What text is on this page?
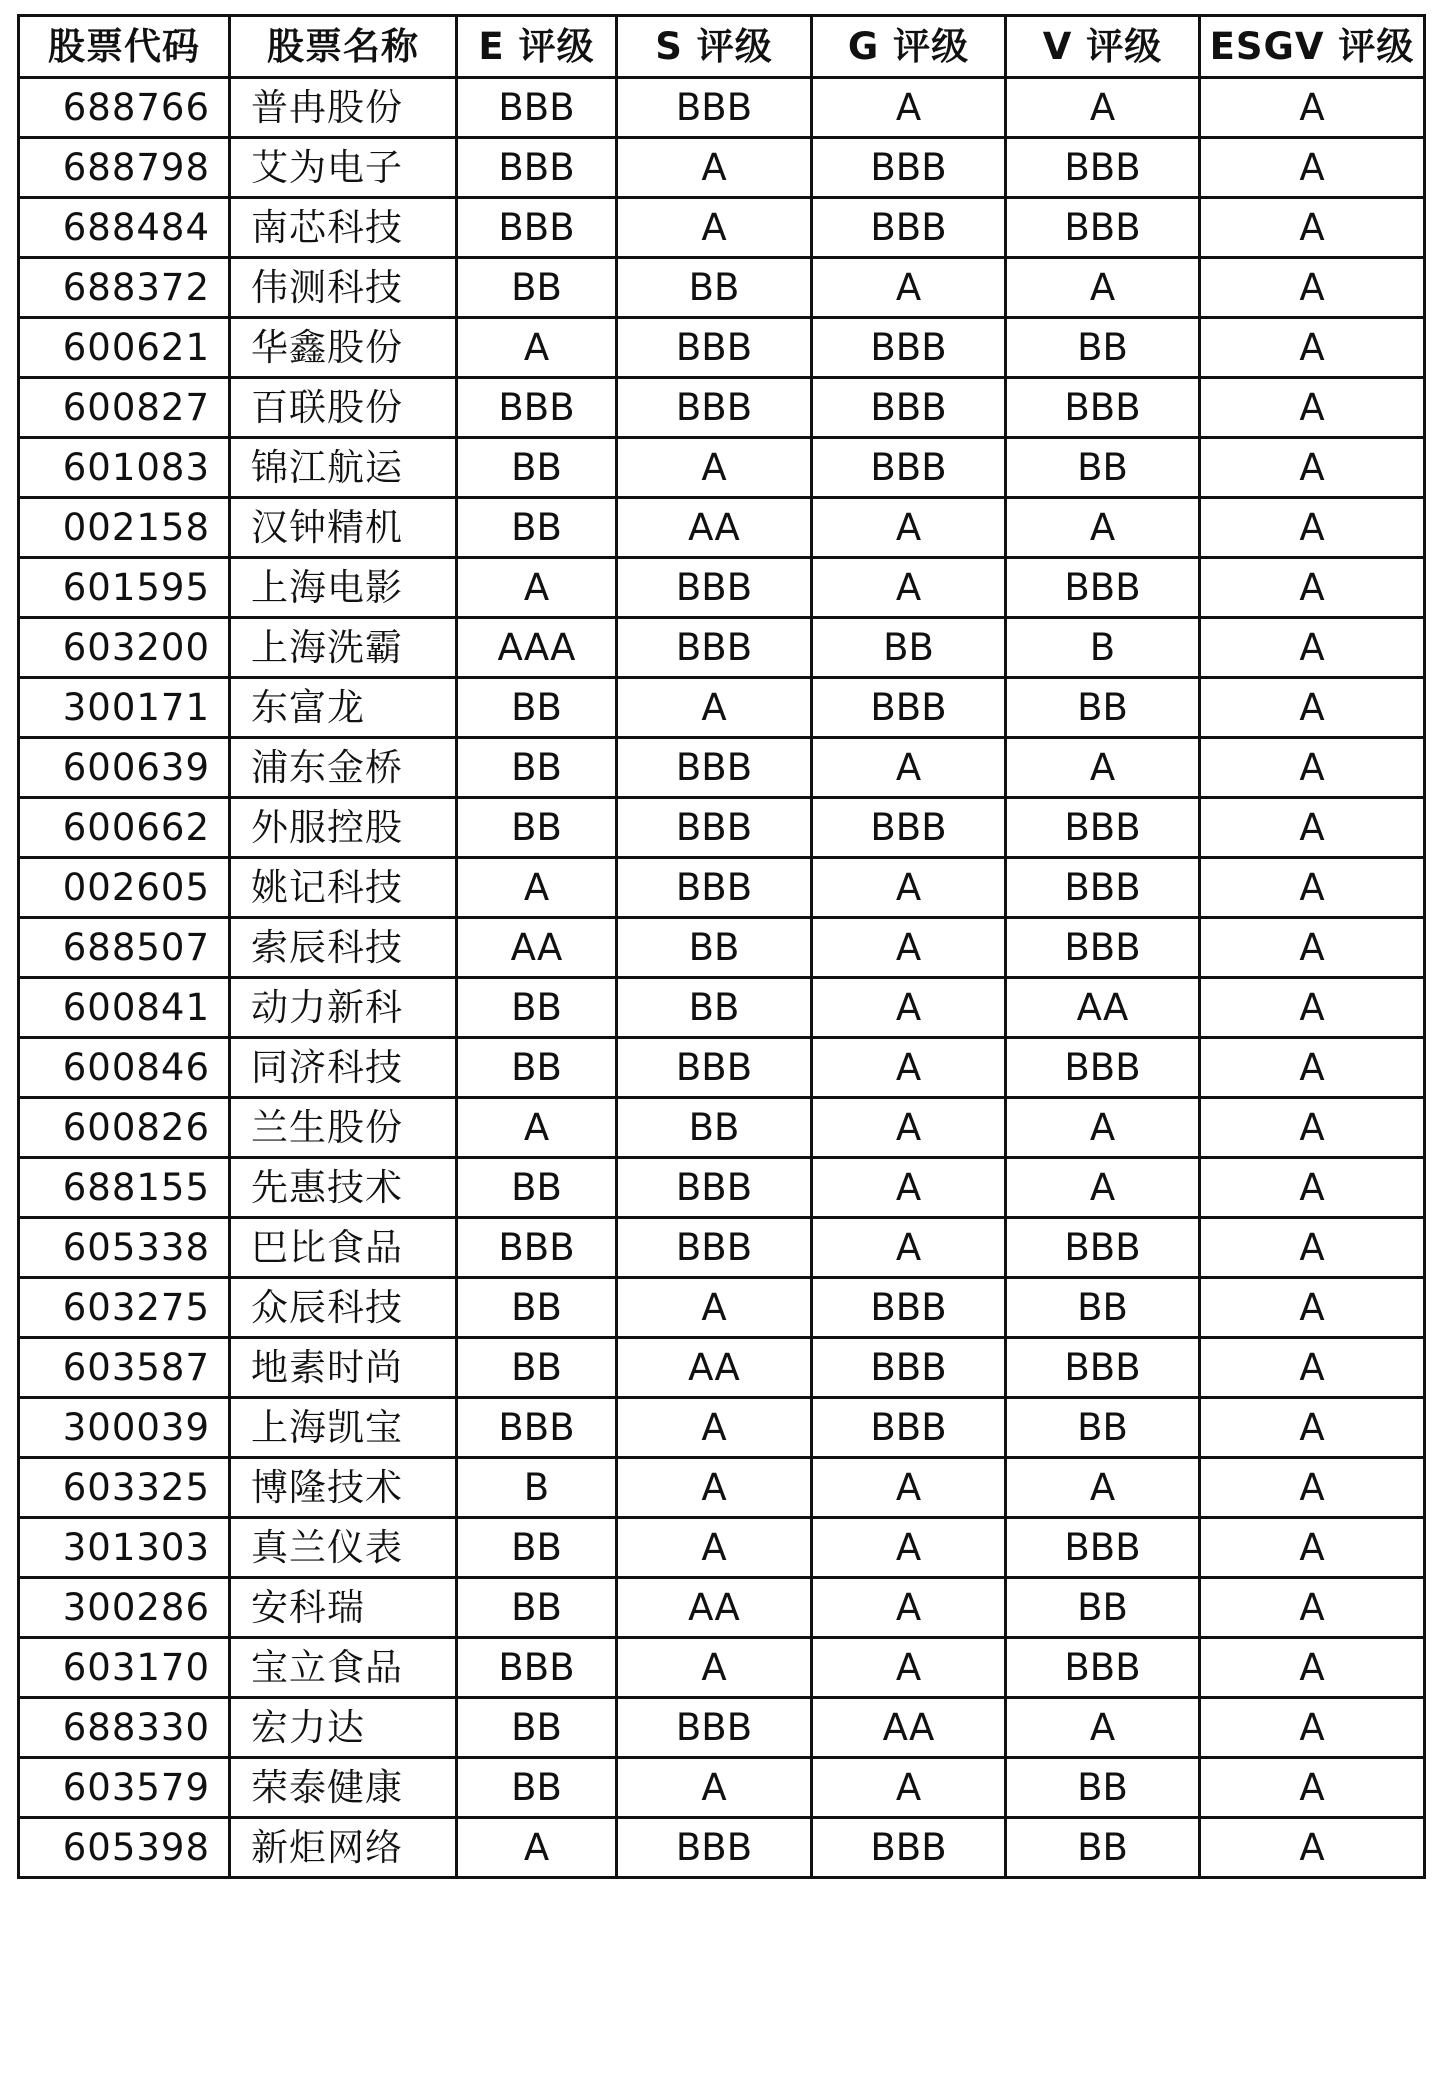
股票代码	股票名称	E 评级	S 评级	G 评级	V 评级	ESGV 评级
688766	普冉股份	BBB	BBB	A	A	A
688798	艾为电子	BBB	A	BBB	BBB	A
688484	南芯科技	BBB	A	BBB	BBB	A
688372	伟测科技	BB	BB	A	A	A
600621	华鑫股份	A	BBB	BBB	BB	A
600827	百联股份	BBB	BBB	BBB	BBB	A
601083	锦江航运	BB	A	BBB	BB	A
002158	汉钟精机	BB	AA	A	A	A
601595	上海电影	A	BBB	A	BBB	A
603200	上海洗霸	AAA	BBB	BB	B	A
300171	东富龙	BB	A	BBB	BB	A
600639	浦东金桥	BB	BBB	A	A	A
600662	外服控股	BB	BBB	BBB	BBB	A
002605	姚记科技	A	BBB	A	BBB	A
688507	索辰科技	AA	BB	A	BBB	A
600841	动力新科	BB	BB	A	AA	A
600846	同济科技	BB	BBB	A	BBB	A
600826	兰生股份	A	BB	A	A	A
688155	先惠技术	BB	BBB	A	A	A
605338	巴比食品	BBB	BBB	A	BBB	A
603275	众辰科技	BB	A	BBB	BB	A
603587	地素时尚	BB	AA	BBB	BBB	A
300039	上海凯宝	BBB	A	BBB	BB	A
603325	博隆技术	B	A	A	A	A
301303	真兰仪表	BB	A	A	BBB	A
300286	安科瑞	BB	AA	A	BB	A
603170	宝立食品	BBB	A	A	BBB	A
688330	宏力达	BB	BBB	AA	A	A
603579	荣泰健康	BB	A	A	BB	A
605398	新炬网络	A	BBB	BBB	BB	A
